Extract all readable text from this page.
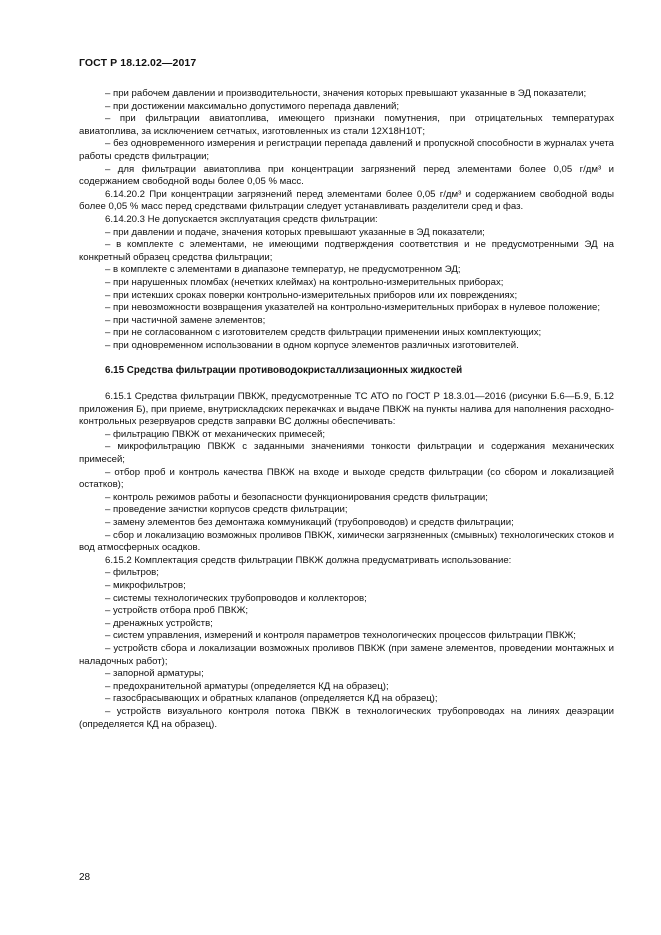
ГОСТ Р 18.12.02—2017

– при рабочем давлении и производительности, значения которых превышают указанные в ЭД показатели;

– при достижении максимально допустимого перепада давлений;

– при фильтрации авиатоплива, имеющего признаки помутнения, при отрицательных температурах авиатоплива, за исключением сетчатых, изготовленных из стали 12Х18Н10Т;

– без одновременного измерения и регистрации перепада давлений и пропускной способности в журналах учета работы средств фильтрации;

– для фильтрации авиатоплива при концентрации загрязнений перед элементами более 0,05 г/дм³ и содержанием свободной воды более 0,05 % масс.

6.14.20.2 При концентрации загрязнений перед элементами более 0,05 г/дм³ и содержанием свободной воды более 0,05 % масс перед средствами фильтрации следует устанавливать разделители сред и фаз.

6.14.20.3 Не допускается эксплуатация средств фильтрации:

– при давлении и подаче, значения которых превышают указанные в ЭД показатели;

– в комплекте с элементами, не имеющими подтверждения соответствия и не предусмотренными ЭД на конкретный образец средства фильтрации;

– в комплекте с элементами в диапазоне температур, не предусмотренном ЭД;

– при нарушенных пломбах (нечетких клеймах) на контрольно-измерительных приборах;

– при истекших сроках поверки контрольно-измерительных приборов или их повреждениях;

– при невозможности возвращения указателей на контрольно-измерительных приборах в нулевое положение;

– при частичной замене элементов;

– при не согласованном с изготовителем средств фильтрации применении иных комплектующих;

– при одновременном использовании в одном корпусе элементов различных изготовителей.

6.15 Средства фильтрации противоводокристаллизационных жидкостей

6.15.1 Средства фильтрации ПВКЖ, предусмотренные ТС АТО по ГОСТ Р 18.3.01—2016 (рисунки Б.6—Б.9, Б.12 приложения Б), при приеме, внутрискладских перекачках и выдаче ПВКЖ на пункты налива для наполнения расходно-контрольных резервуаров средств заправки ВС должны обеспечивать:

– фильтрацию ПВКЖ от механических примесей;

– микрофильтрацию ПВКЖ с заданными значениями тонкости фильтрации и содержания механических примесей;

– отбор проб и контроль качества ПВКЖ на входе и выходе средств фильтрации (со сбором и локализацией остатков);

– контроль режимов работы и безопасности функционирования средств фильтрации;

– проведение зачистки корпусов средств фильтрации;

– замену элементов без демонтажа коммуникаций (трубопроводов) и средств фильтрации;

– сбор и локализацию возможных проливов ПВКЖ, химически загрязненных (смывных) технологических стоков и вод атмосферных осадков.

6.15.2 Комплектация средств фильтрации ПВКЖ должна предусматривать использование:

– фильтров;

– микрофильтров;

– системы технологических трубопроводов и коллекторов;

– устройств отбора проб ПВКЖ;

– дренажных устройств;

– систем управления, измерений и контроля параметров технологических процессов фильтрации ПВКЖ;

– устройств сбора и локализации возможных проливов ПВКЖ (при замене элементов, проведении монтажных и наладочных работ);

– запорной арматуры;

– предохранительной арматуры (определяется КД на образец);

– газосбрасывающих и обратных клапанов (определяется КД на образец);

– устройств визуального контроля потока ПВКЖ в технологических трубопроводах на линиях деаэрации (определяется КД на образец).

28
